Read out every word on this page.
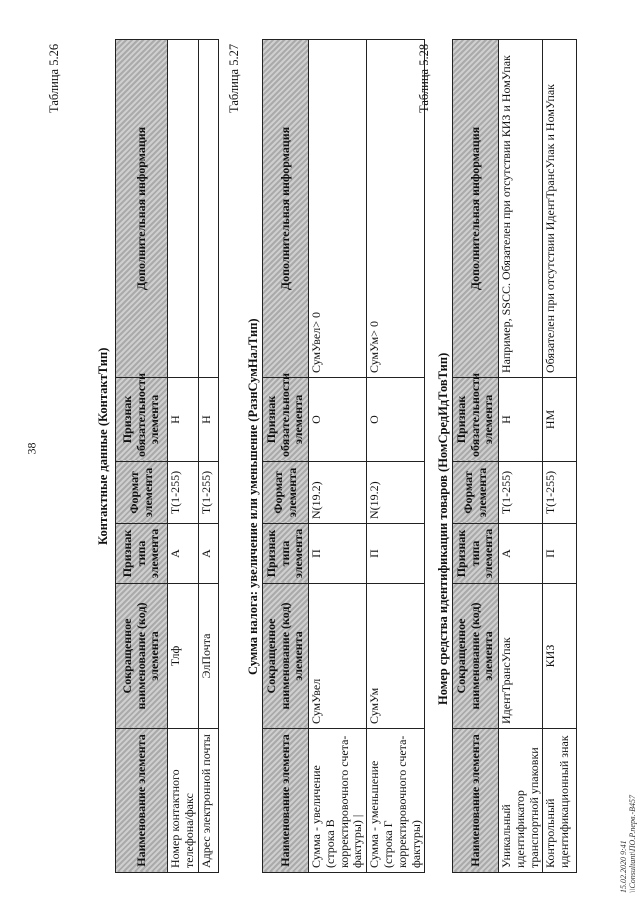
38
Таблица 5.26
Контактные данные (КонтактТип)
Наименование элемента	Сокращенное наименование (код) элемента	Признак типа элемента	Формат элемента	Признак обязательности элемента	Дополнительная информация
Номер контактного телефона/факс	Тлф	А	T(1-255)	Н	
Адрес электронной почты	ЭлПочта	А	T(1-255)	Н	
Таблица 5.27
Сумма налога: увеличение или уменьшение (РазнСумНалТип)
Наименование элемента	Сокращенное наименование (код) элемента	Признак типа элемента	Формат элемента	Признак обязательности элемента	Дополнительная информация
Сумма - увеличение (строка В корректировочного счета-фактуры) |	СумУвел	П	N(19.2)	О	СумУвел> 0
Сумма - уменьшение (строка Г корректировочного счета-фактуры)	СумУм	П	N(19.2)	О	СумУм> 0
Таблица 5.28
Номер средства идентификации товаров (НомСредИдТовТип)
Наименование элемента	Сокращенное наименование (код) элемента	Признак типа элемента	Формат элемента	Признак обязательности элемента	Дополнительная информация
Уникальный идентификатор транспортной упаковки	ИдентТрансУпак	А	T(1-255)	Н	Например, SSCC. Обязателен при отсутствии КИЗ и НомУпак
Контрольный идентификационный знак	КИЗ	П	T(1-255)	НМ	Обязателен при отсутствии ИдентТрансУпак и НомУпак
15.02.2020 9:41 \\Consultant\ПО.Р.перв.-В457
